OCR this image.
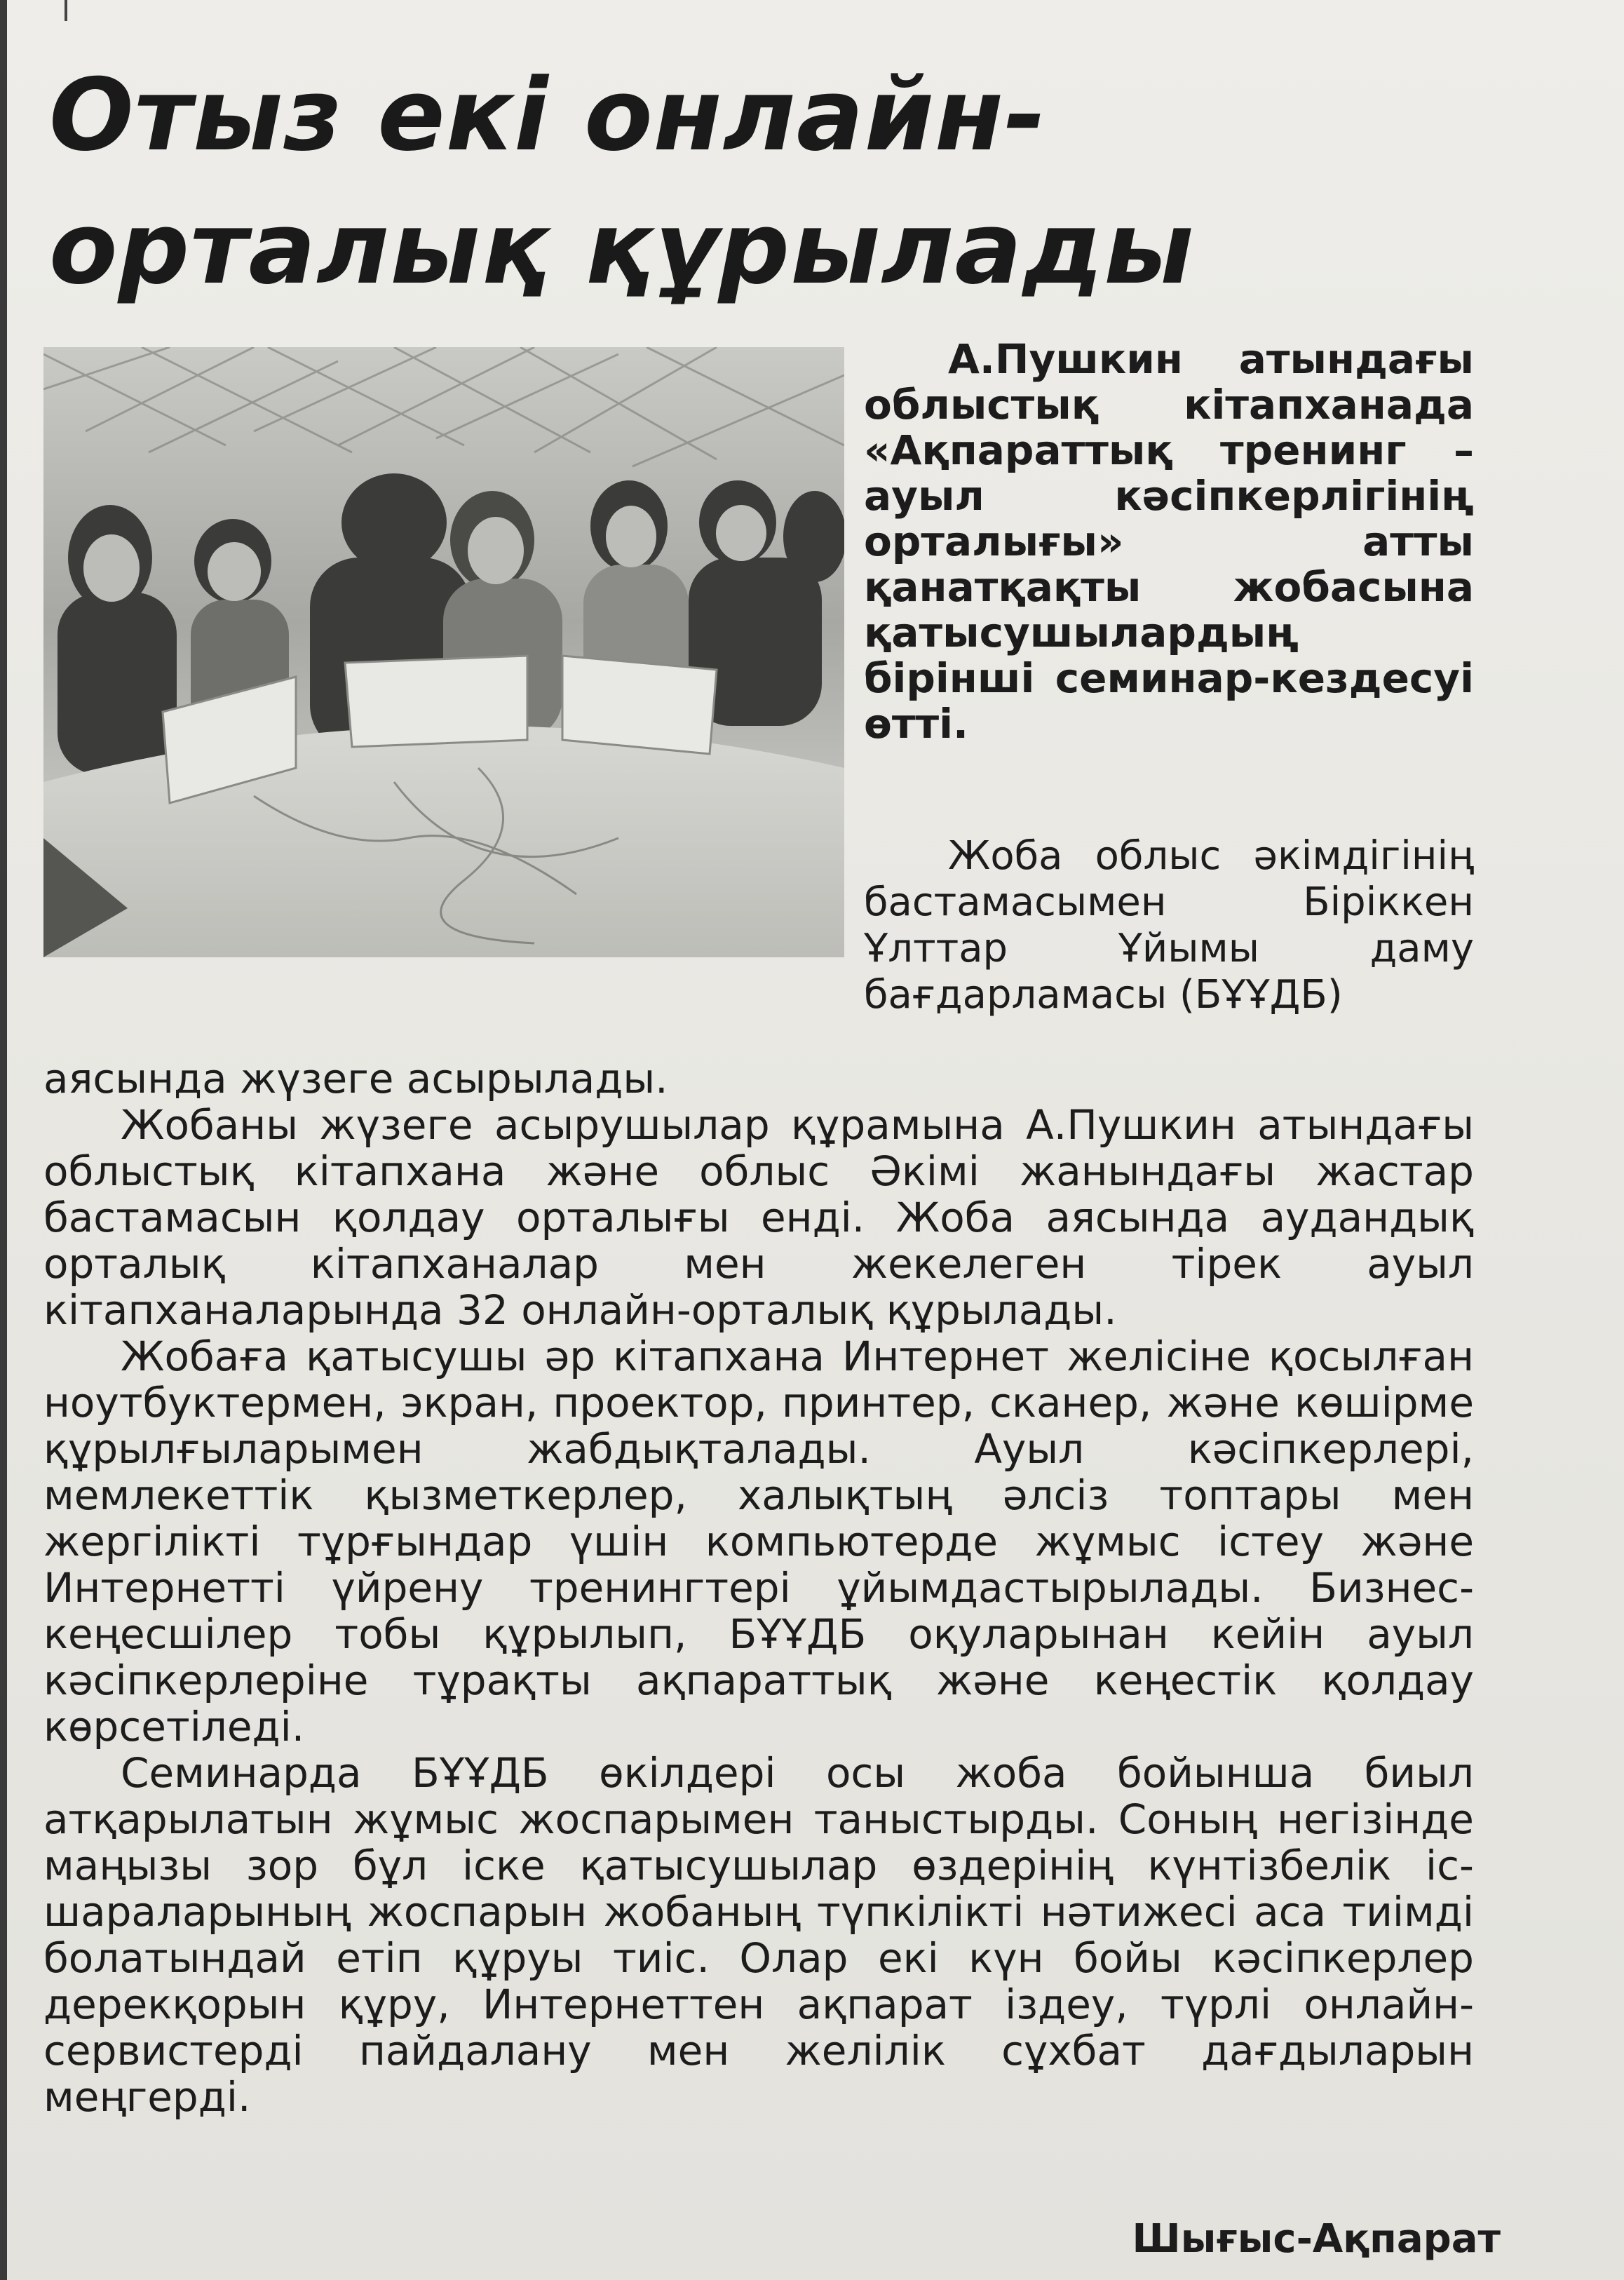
Отыз екі онлайн-
орталық құрылады

А.Пушкин атындағы облыстық кітапханада «Ақпараттық тренинг – ауыл кәсіпкерлігінің орталығы» атты қанатқақты жобасына қатысушылардың бірінші семинар-кездесуі өтті.

Жоба облыс әкімдігінің бастамасымен Біріккен Ұлттар Ұйымы даму бағдарламасы (БҰҰДБ)

аясында жүзеге асырылады.

Жобаны жүзеге асырушылар құрамына А.Пушкин атындағы облыстық кітапхана және облыс Әкімі жанындағы жастар бастамасын қолдау орталығы енді. Жоба аясында аудандық орталық кітапханалар мен жекелеген тірек ауыл кітапханаларында 32 онлайн-орталық құрылады.

Жобаға қатысушы әр кітапхана Интернет желісіне қосылған ноутбуктермен, экран, проектор, принтер, сканер, және көшірме құрылғыларымен жабдықталады. Ауыл кәсіпкерлері, мемлекеттік қызметкерлер, халықтың әлсіз топтары мен жергілікті тұрғындар үшін компьютерде жұмыс істеу және Интернетті үйрену тренингтері ұйымдастырылады. Бизнес-кеңесшілер тобы құрылып, БҰҰДБ оқуларынан кейін ауыл кәсіпкерлеріне тұрақты ақпараттық және кеңестік қолдау көрсетіледі.

Семинарда БҰҰДБ өкілдері осы жоба бойынша биыл атқарылатын жұмыс жоспарымен таныстырды. Соның негізінде маңызы зор бұл іске қатысушылар өздерінің күнтізбелік іс-шараларының жоспарын жобаның түпкілікті нәтижесі аса тиімді болатындай етіп құруы тиіс. Олар екі күн бойы кәсіпкерлер дерекқорын құру, Интернеттен ақпарат іздеу, түрлі онлайн-сервистерді пайдалану мен желілік сұхбат дағдыларын меңгерді.

Шығыс-Ақпарат
